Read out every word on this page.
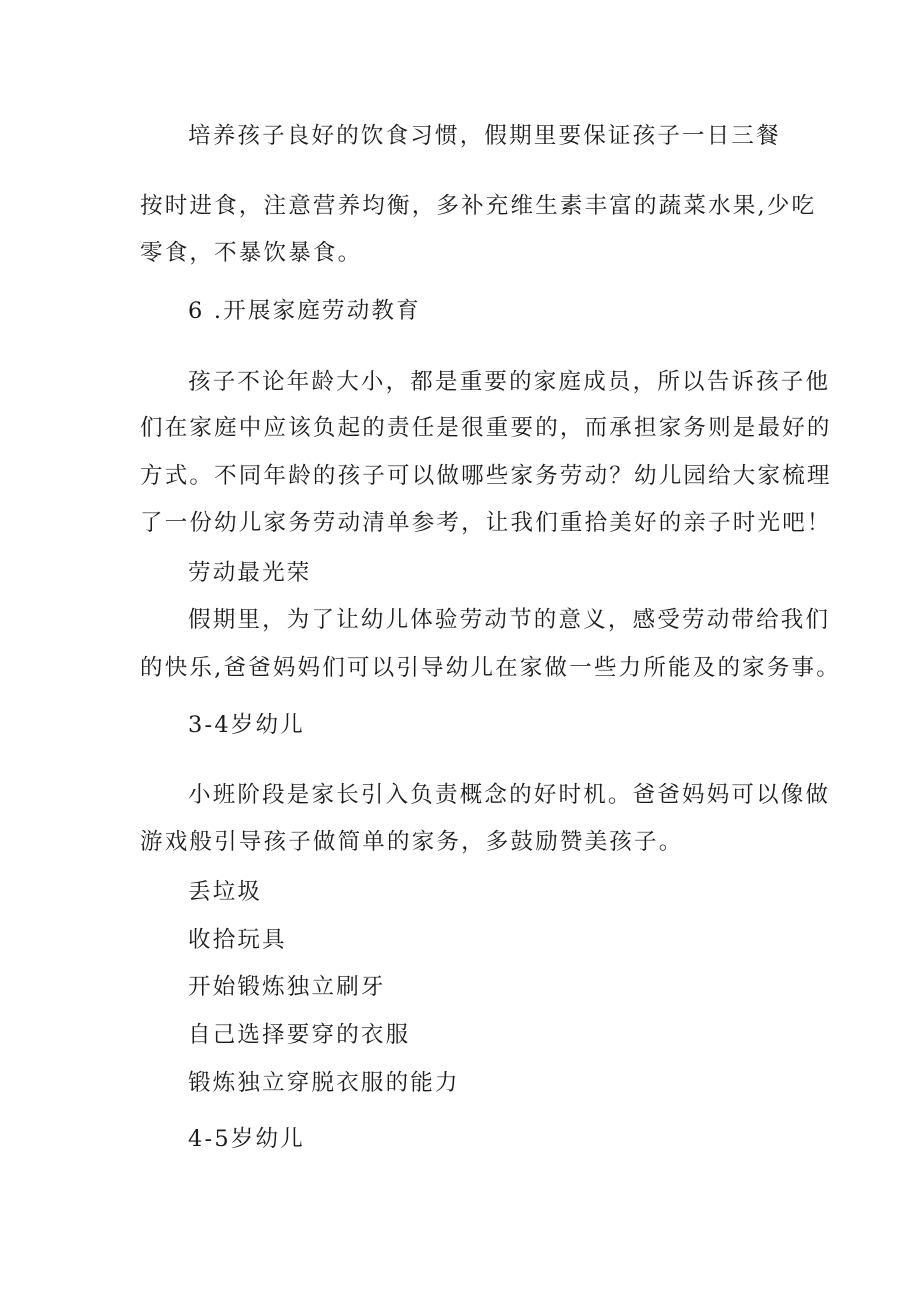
培养孩子良好的饮食习惯，假期里要保证孩子一日三餐
按时进食，注意营养均衡，多补充维生素丰富的蔬菜水果,少吃
零食，不暴饮暴食。
6 .开展家庭劳动教育
孩子不论年龄大小，都是重要的家庭成员，所以告诉孩子他
们在家庭中应该负起的责任是很重要的，而承担家务则是最好的
方式。不同年龄的孩子可以做哪些家务劳动？幼儿园给大家梳理
了一份幼儿家务劳动清单参考，让我们重拾美好的亲子时光吧！
劳动最光荣
假期里，为了让幼儿体验劳动节的意义，感受劳动带给我们
的快乐,爸爸妈妈们可以引导幼儿在家做一些力所能及的家务事。
3-4岁幼儿
小班阶段是家长引入负责概念的好时机。爸爸妈妈可以像做
游戏般引导孩子做简单的家务，多鼓励赞美孩子。
丢垃圾
收拾玩具
开始锻炼独立刷牙
自己选择要穿的衣服
锻炼独立穿脱衣服的能力
4-5岁幼儿
